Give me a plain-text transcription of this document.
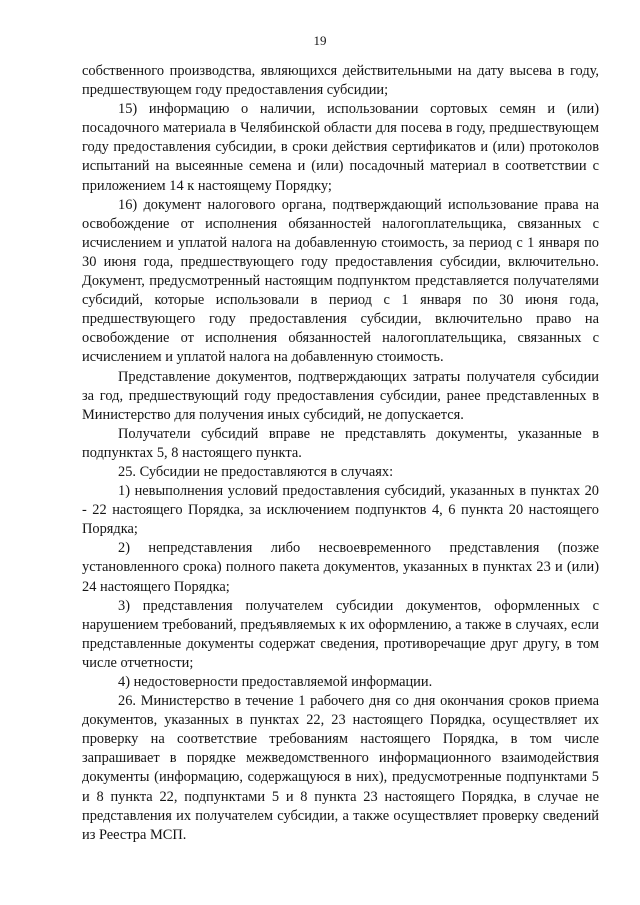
19

собственного производства, являющихся действительными на дату высева в году, предшествующем году предоставления субсидии;

15) информацию о наличии, использовании сортовых семян и (или) посадочного материала в Челябинской области для посева в году, предшествующем году предоставления субсидии, в сроки действия сертификатов и (или) протоколов испытаний на высеянные семена и (или) посадочный материал в соответствии с приложением 14 к настоящему Порядку;

16) документ налогового органа, подтверждающий использование права на освобождение от исполнения обязанностей налогоплательщика, связанных с исчислением и уплатой налога на добавленную стоимость, за период с 1 января по 30 июня года, предшествующего году предоставления субсидии, включительно. Документ, предусмотренный настоящим подпунктом представляется получателями субсидий, которые использовали в период с 1 января по 30 июня года, предшествующего году предоставления субсидии, включительно право на освобождение от исполнения обязанностей налогоплательщика, связанных с исчислением и уплатой налога на добавленную стоимость.

Представление документов, подтверждающих затраты получателя субсидии за год, предшествующий году предоставления субсидии, ранее представленных в Министерство для получения иных субсидий, не допускается.

Получатели субсидий вправе не представлять документы, указанные в подпунктах 5, 8 настоящего пункта.

25. Субсидии не предоставляются в случаях:

1) невыполнения условий предоставления субсидий, указанных в пунктах 20 - 22 настоящего Порядка, за исключением подпунктов 4, 6 пункта 20 настоящего Порядка;

2) непредставления либо несвоевременного представления (позже установленного срока) полного пакета документов, указанных в пунктах 23 и (или) 24 настоящего Порядка;

3) представления получателем субсидии документов, оформленных с нарушением требований, предъявляемых к их оформлению, а также в случаях, если представленные документы содержат сведения, противоречащие друг другу, в том числе отчетности;

4) недостоверности предоставляемой информации.

26. Министерство в течение 1 рабочего дня со дня окончания сроков приема документов, указанных в пунктах 22, 23 настоящего Порядка, осуществляет их проверку на соответствие требованиям настоящего Порядка, в том числе запрашивает в порядке межведомственного информационного взаимодействия документы (информацию, содержащуюся в них), предусмотренные подпунктами 5 и 8 пункта 22, подпунктами 5 и 8 пункта 23 настоящего Порядка, в случае не представления их получателем субсидии, а также осуществляет проверку сведений из Реестра МСП.
